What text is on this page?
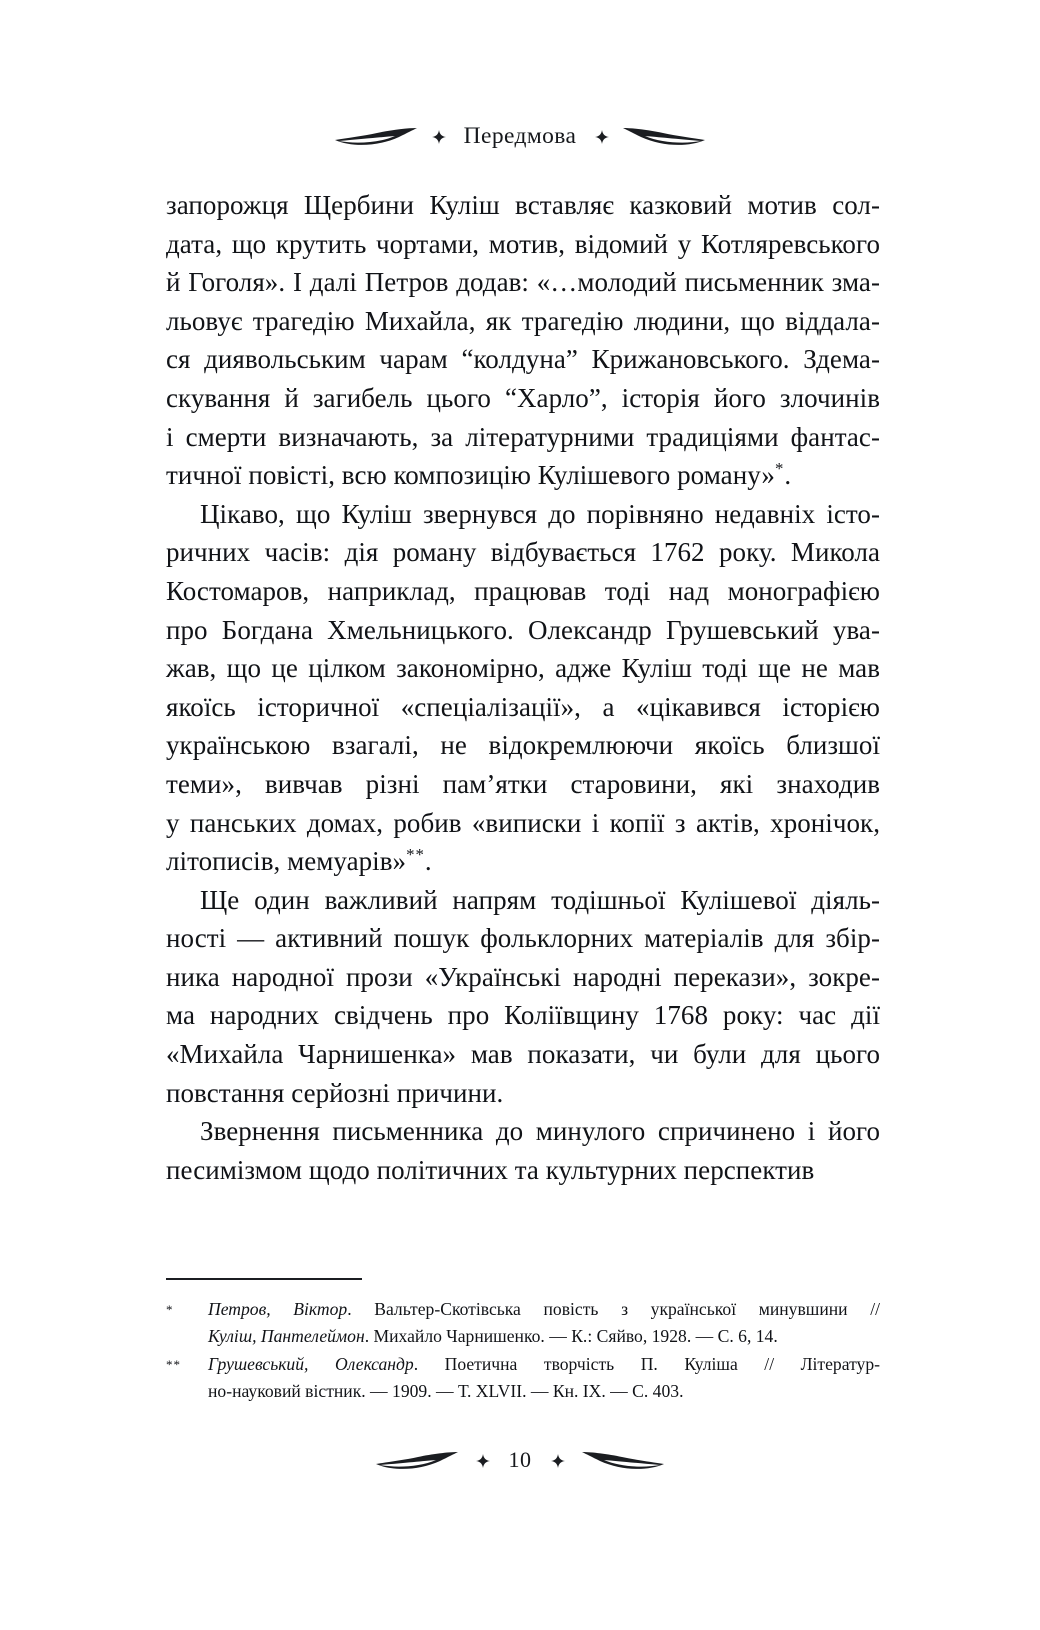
Передмова

запорожця Щербини Куліш вставляє казковий мотив сол-
дата, що крутить чортами, мотив, відомий у Котляревського
й Гоголя». І далі Петров додав: «…молодий письменник зма-
льовує трагедію Михайла, як трагедію людини, що віддала-
ся диявольським чарам “колдуна” Крижановського. Здема-
скування й загибель цього “Харло”, історія його злочинів
і смерти визначають, за літературними традиціями фантас-
тичної повісті, всю композицію Кулішевого роману»*.

Цікаво, що Куліш звернувся до порівняно недавніх істо-
ричних часів: дія роману відбувається 1762 року. Микола
Костомаров, наприклад, працював тоді над монографією
про Богдана Хмельницького. Олександр Грушевський ува-
жав, що це цілком закономірно, адже Куліш тоді ще не мав
якоїсь історичної «спеціалізації», а «цікавився історією
українською взагалі, не відокремлюючи якоїсь близшої
теми», вивчав різні пам’ятки старовини, які знаходив
у панських домах, робив «виписки і копії з актів, хронічок,
літописів, мемуарів»**.

Ще один важливий напрям тодішньої Кулішевої діяль-
ності — активний пошук фольклорних матеріалів для збір-
ника народної прози «Українські народні перекази», зокре-
ма народних свідчень про Коліївщину 1768 року: час дії
«Михайла Чарнишенка» мав показати, чи були для цього
повстання серйозні причини.

Звернення письменника до минулого спричинено і його
песимізмом щодо політичних та культурних перспектив

*	Петров, Віктор. Вальтер-Скотівська повість з української минувшини //
Куліш, Пантелеймон. Михайло Чарнишенко. — К.: Сяйво, 1928. — С. 6, 14.
**	Грушевський, Олександр. Поетична творчість П. Куліша // Літератур-
но-науковий вістник. — 1909. — Т. XLVII. — Кн. IX. — С. 403.
10
